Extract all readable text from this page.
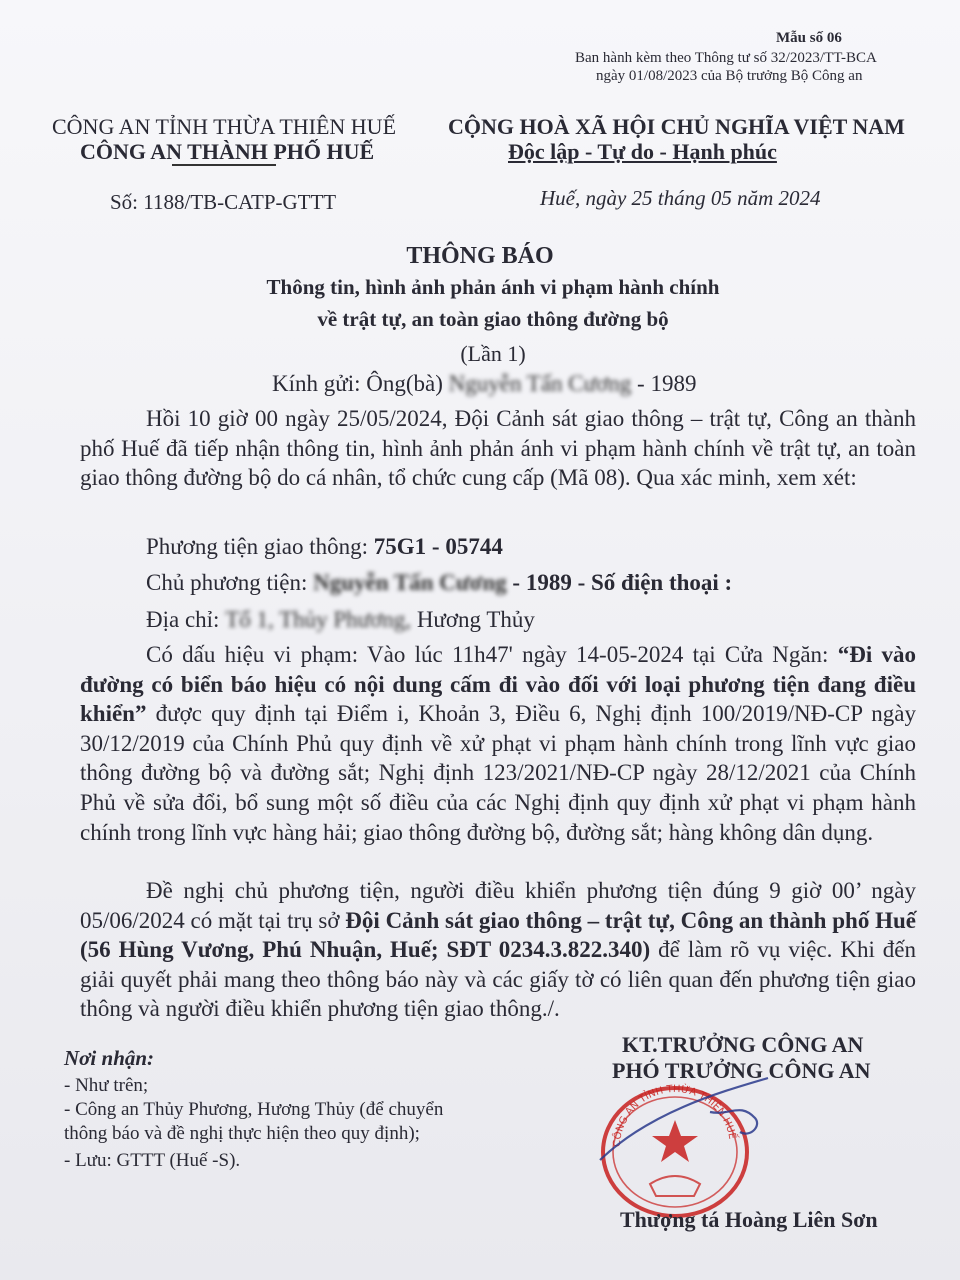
Mẫu số 06
Ban hành kèm theo Thông tư số 32/2023/TT-BCA
ngày 01/08/2023 của Bộ trưởng Bộ Công an
CÔNG AN TỈNH THỪA THIÊN HUẾ
CÔNG AN THÀNH PHỐ HUẾ
Số: 1188/TB-CATP-GTTT
CỘNG HOÀ XÃ HỘI CHỦ NGHĨA VIỆT NAM
Độc lập - Tự do - Hạnh phúc
Huế, ngày 25 tháng 05 năm 2024
THÔNG BÁO
Thông tin, hình ảnh phản ánh vi phạm hành chính
về trật tự, an toàn giao thông đường bộ
(Lần 1)
Kính gửi: Ông(bà) Nguyễn Tấn Cương - 1989
Hồi 10 giờ 00 ngày 25/05/2024, Đội Cảnh sát giao thông – trật tự, Công an thành phố Huế đã tiếp nhận thông tin, hình ảnh phản ánh vi phạm hành chính về trật tự, an toàn giao thông đường bộ do cá nhân, tổ chức cung cấp (Mã 08). Qua xác minh, xem xét:
Phương tiện giao thông: 75G1 - 05744
Chủ phương tiện: Nguyễn Tấn Cương - 1989 - Số điện thoại :
Địa chỉ: Tổ 1, Thủy Phương, Hương Thủy
Có dấu hiệu vi phạm: Vào lúc 11h47' ngày 14-05-2024 tại Cửa Ngăn: “Đi vào đường có biển báo hiệu có nội dung cấm đi vào đối với loại phương tiện đang điều khiển” được quy định tại Điểm i, Khoản 3, Điều 6, Nghị định 100/2019/NĐ-CP ngày 30/12/2019 của Chính Phủ quy định về xử phạt vi phạm hành chính trong lĩnh vực giao thông đường bộ và đường sắt; Nghị định 123/2021/NĐ-CP ngày 28/12/2021 của Chính Phủ về sửa đổi, bổ sung một số điều của các Nghị định quy định xử phạt vi phạm hành chính trong lĩnh vực hàng hải; giao thông đường bộ, đường sắt; hàng không dân dụng.
Đề nghị chủ phương tiện, người điều khiển phương tiện đúng 9 giờ 00’ ngày 05/06/2024 có mặt tại trụ sở Đội Cảnh sát giao thông – trật tự, Công an thành phố Huế (56 Hùng Vương, Phú Nhuận, Huế; SĐT 0234.3.822.340) để làm rõ vụ việc. Khi đến giải quyết phải mang theo thông báo này và các giấy tờ có liên quan đến phương tiện giao thông và người điều khiển phương tiện giao thông./.
Nơi nhận:
- Như trên;
- Công an Thủy Phương, Hương Thủy (để chuyển
thông báo và đề nghị thực hiện theo quy định);
- Lưu: GTTT (Huế -S).
KT.TRƯỞNG CÔNG AN
PHÓ TRƯỞNG CÔNG AN
CÔNG AN TỈNH THỪA THIÊN HUẾ
Thượng tá Hoàng Liên Sơn
